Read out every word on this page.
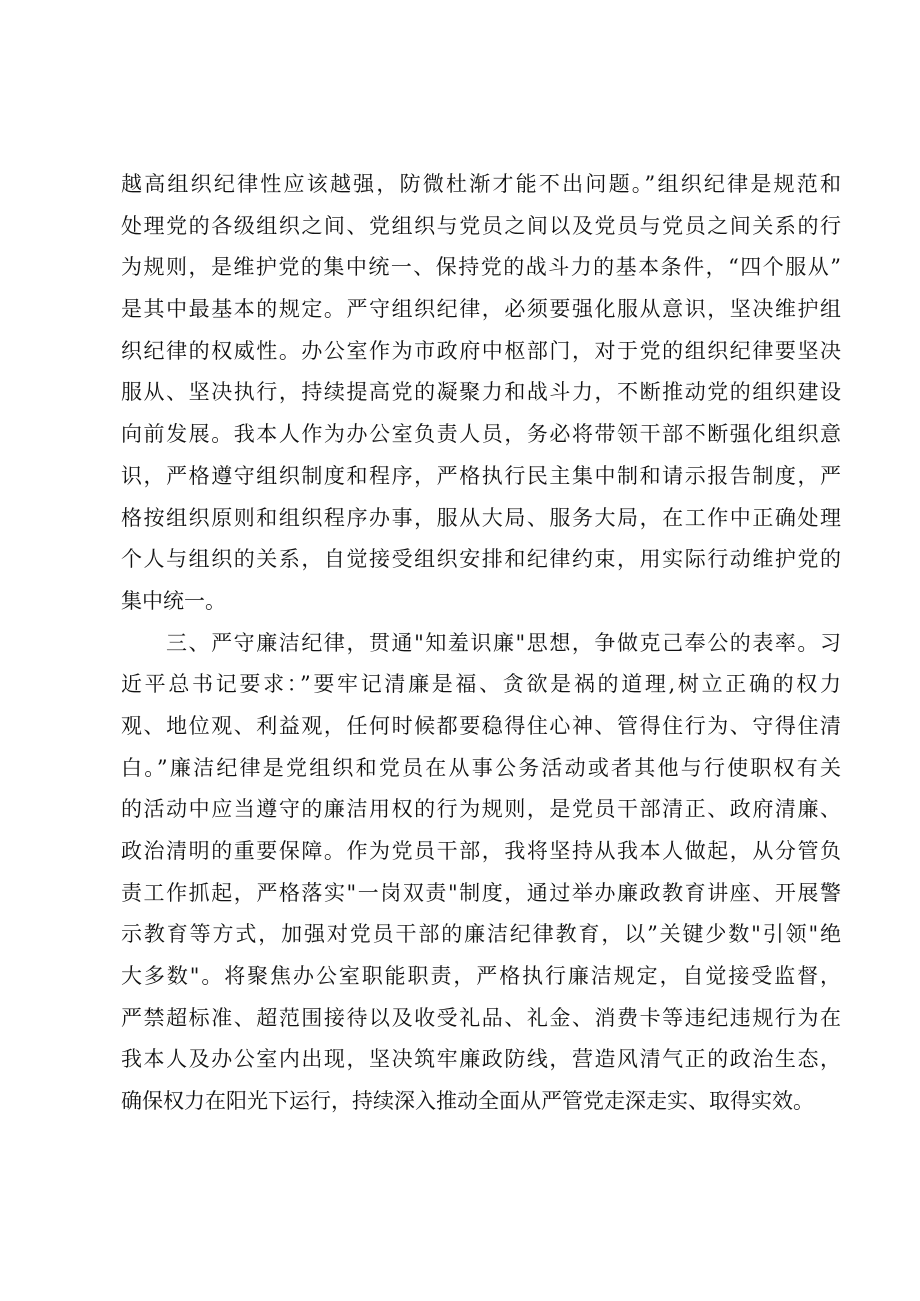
越高组织纪律性应该越强，防微杜渐才能不出问题。”组织纪律是规范和
处理党的各级组织之间、党组织与党员之间以及党员与党员之间关系的行
为规则，是维护党的集中统一、保持党的战斗力的基本条件，“四个服从”
是其中最基本的规定。严守组织纪律，必须要强化服从意识，坚决维护组
织纪律的权威性。办公室作为市政府中枢部门，对于党的组织纪律要坚决
服从、坚决执行，持续提高党的凝聚力和战斗力，不断推动党的组织建设
向前发展。我本人作为办公室负责人员，务必将带领干部不断强化组织意
识，严格遵守组织制度和程序，严格执行民主集中制和请示报告制度，严
格按组织原则和组织程序办事，服从大局、服务大局，在工作中正确处理
个人与组织的关系，自觉接受组织安排和纪律约束，用实际行动维护党的
集中统一。
三、严守廉洁纪律，贯通"知羞识廉"思想，争做克己奉公的表率。习
近平总书记要求：”要牢记清廉是福、贪欲是祸的道理,树立正确的权力
观、地位观、利益观，任何时候都要稳得住心神、管得住行为、守得住清
白。”廉洁纪律是党组织和党员在从事公务活动或者其他与行使职权有关
的活动中应当遵守的廉洁用权的行为规则，是党员干部清正、政府清廉、
政治清明的重要保障。作为党员干部，我将坚持从我本人做起，从分管负
责工作抓起，严格落实"一岗双责"制度，通过举办廉政教育讲座、开展警
示教育等方式，加强对党员干部的廉洁纪律教育，以”关键少数"引领"绝
大多数"。将聚焦办公室职能职责，严格执行廉洁规定，自觉接受监督，
严禁超标准、超范围接待以及收受礼品、礼金、消费卡等违纪违规行为在
我本人及办公室内出现，坚决筑牢廉政防线，营造风清气正的政治生态，
确保权力在阳光下运行，持续深入推动全面从严管党走深走实、取得实效。
